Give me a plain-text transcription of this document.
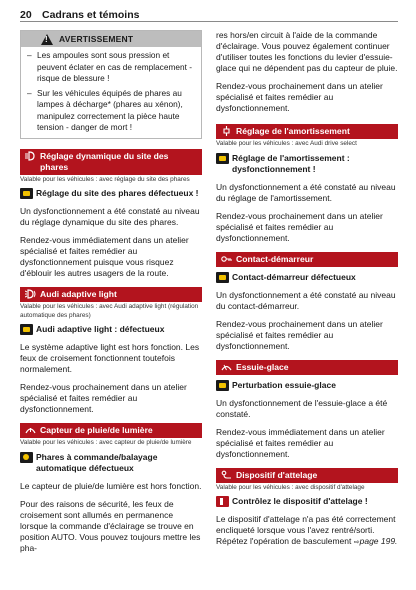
20 Cadrans et témoins
!
AVERTISSEMENT
– Les ampoules sont sous pression et peuvent éclater en cas de remplacement - risque de blessure !
– Sur les véhicules équipés de phares au lampes à décharge* (phares au xénon), manipulez correctement la pièce haute tension - danger de mort !
Réglage dynamique du site des phares
Valable pour les véhicules : avec réglage du site des phares
Réglage du site des phares défectueux !

Un dysfonctionnement a été constaté au niveau du réglage dynamique du site des phares.

Rendez-vous immédiatement dans un atelier spécialisé et faites remédier au dysfonctionnement puisque vous risquez d'éblouir les autres usagers de la route.

Audi adaptive light
Valable pour les véhicules : avec Audi adaptive light (régulation automatique des phares)
Audi adaptive light : défectueux

Le système adaptive light est hors fonction. Les feux de croisement fonctionnent toutefois normalement.

Rendez-vous prochainement dans un atelier spécialisé et faites remédier au dysfonctionnement.

Capteur de pluie/de lumière
Valable pour les véhicules : avec capteur de pluie/de lumière
Phares à commande/balayage automatique défectueux

Le capteur de pluie/de lumière est hors fonction.

Pour des raisons de sécurité, les feux de croisement sont allumés en permanence lorsque la commande d'éclairage se trouve en position AUTO. Vous pouvez toujours mettre les pha-

res hors/en circuit à l'aide de la commande d'éclairage. Vous pouvez également continuer d'utiliser toutes les fonctions du levier d'essuie-glace qui ne dépendent pas du capteur de pluie.

Rendez-vous prochainement dans un atelier spécialisé et faites remédier au dysfonctionnement.

Réglage de l'amortissement
Valable pour les véhicules : avec Audi drive select
Réglage de l'amortissement : dysfonctionnement !

Un dysfonctionnement a été constaté au niveau du réglage de l'amortissement.

Rendez-vous prochainement dans un atelier spécialisé et faites remédier au dysfonctionnement.

Contact-démarreur
Contact-démarreur défectueux

Un dysfonctionnement a été constaté au niveau du contact-démarreur.

Rendez-vous prochainement dans un atelier spécialisé et faites remédier au dysfonctionnement.

Essuie-glace
Perturbation essuie-glace

Un dysfonctionnement de l'essuie-glace a été constaté.

Rendez-vous immédiatement dans un atelier spécialisé et faites remédier au dysfonctionnement.

Dispositif d'attelage
Valable pour les véhicules : avec dispositif d'attelage
Contrôlez le dispositif d'attelage !

Le dispositif d'attelage n'a pas été correctement encliqueté lorsque vous l'avez rentré/sorti. Répétez l'opération de basculement ⇨page 199.
